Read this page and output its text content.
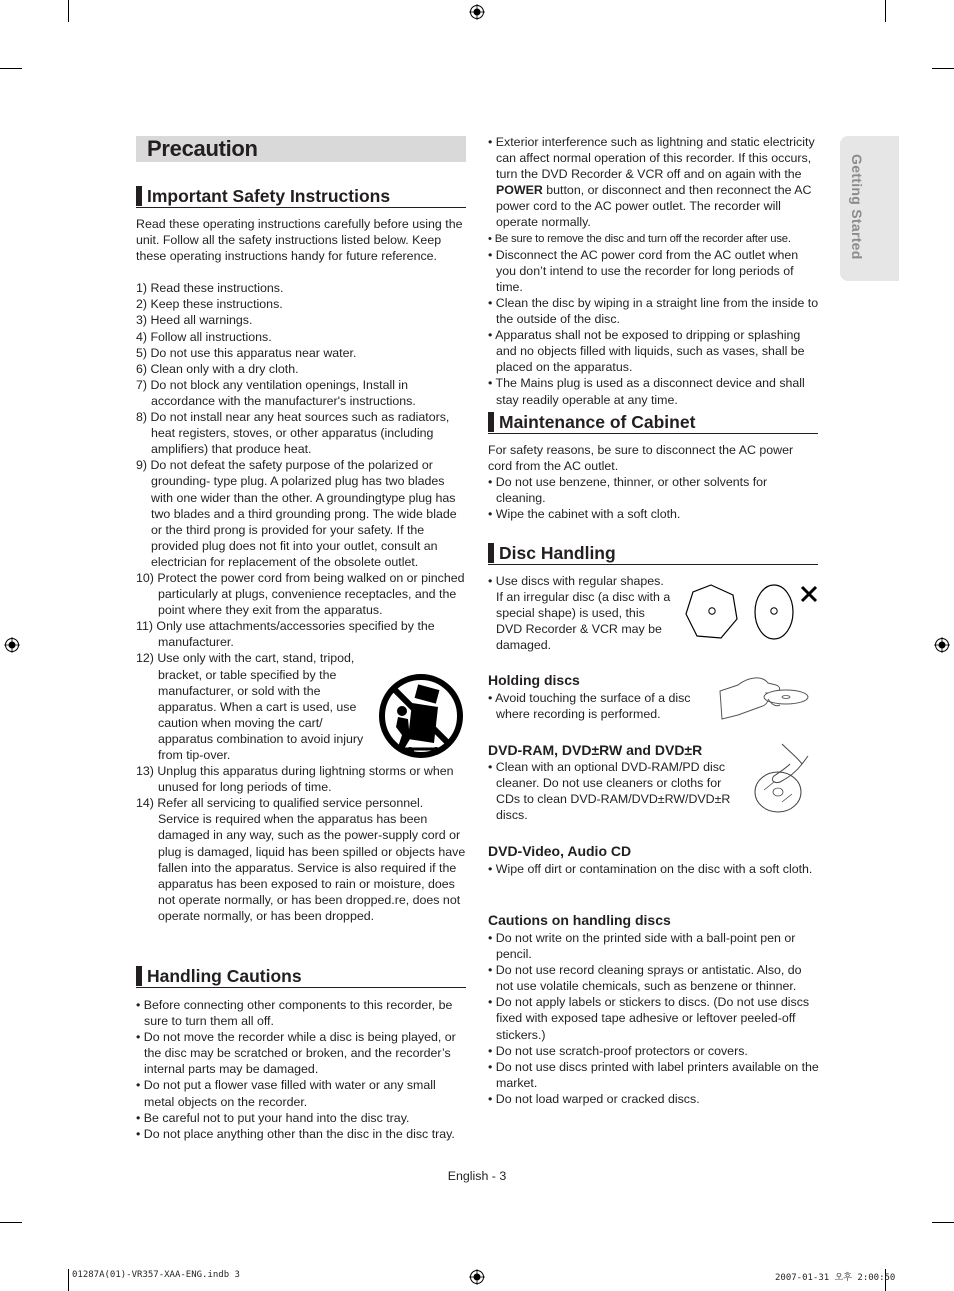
Precaution
Getting Started
Important Safety Instructions

Read these operating instructions carefully before using the unit. Follow all the safety instructions listed below. Keep these operating instructions handy for future reference.

1) Read these instructions.

2) Keep these instructions.

3) Heed all warnings.

4) Follow all instructions.

5) Do not use this apparatus near water.

6) Clean only with a dry cloth.

7) Do not block any ventilation openings, Install in accordance with the manufacturer's instructions.

8) Do not install near any heat sources such as radiators, heat registers, stoves, or other apparatus (including amplifiers) that produce heat.

9) Do not defeat the safety purpose of the polarized or grounding- type plug. A polarized plug has two blades with one wider than the other. A groundingtype plug has two blades and a third grounding prong. The wide blade or the third prong is provided for your safety. If the provided plug does not fit into your outlet, consult an electrician for replacement of the obsolete outlet.

10) Protect the power cord from being walked on or pinched particularly at plugs, convenience receptacles, and the point where they exit from the apparatus.

11) Only use attachments/accessories specified by the manufacturer.

12) Use only with the cart, stand, tripod, bracket, or table specified by the manufacturer, or sold with the apparatus. When a cart is used, use caution when moving the cart/ apparatus combination to avoid injury from tip-over.

13) Unplug this apparatus during lightning storms or when unused for long periods of time.

14) Refer all servicing to qualified service personnel. Service is required when the apparatus has been damaged in any way, such as the power-supply cord or plug is damaged, liquid has been spilled or objects have fallen into the apparatus. Service is also required if the apparatus has been exposed to rain or moisture, does not operate normally, or has been dropped.re, does not operate normally, or has been dropped.

Handling Cautions

• Before connecting other components to this recorder, be sure to turn them all off.

• Do not move the recorder while a disc is being played, or the disc may be scratched or broken, and the recorder’s internal parts may be damaged.

• Do not put a flower vase filled with water or any small metal objects on the recorder.

• Be careful not to put your hand into the disc tray.

• Do not place anything other than the disc in the disc tray.

• Exterior interference such as lightning and static electricity can affect normal operation of this recorder. If this occurs, turn the DVD Recorder & VCR off and on again with the POWER button, or disconnect and then reconnect the AC power cord to the AC power outlet. The recorder will operate normally.

• Be sure to remove the disc and turn off the recorder after use.

• Disconnect the AC power cord from the AC outlet when you don’t intend to use the recorder for long periods of time.

• Clean the disc by wiping in a straight line from the inside to the outside of the disc.

• Apparatus shall not be exposed to dripping or splashing and no objects filled with liquids, such as vases, shall be placed on the apparatus.

• The Mains plug is used as a disconnect device and shall stay readily operable at any time.

Maintenance of Cabinet

For safety reasons, be sure to disconnect the AC power cord from the AC outlet.

• Do not use benzene, thinner, or other solvents for cleaning.

• Wipe the cabinet with a soft cloth.

Disc Handling

• Use discs with regular shapes. If an irregular disc (a disc with a special shape) is used, this DVD Recorder & VCR may be damaged.

Holding discs

• Avoid touching the surface of a disc where recording is performed.

DVD-RAM, DVD±RW and DVD±R

• Clean with an optional DVD-RAM/PD disc cleaner. Do not use cleaners or cloths for CDs to clean DVD-RAM/DVD±RW/DVD±R discs.

DVD-Video, Audio CD

• Wipe off dirt or contamination on the disc with a soft cloth.

Cautions on handling discs

• Do not write on the printed side with a ball-point pen or pencil.

• Do not use record cleaning sprays or antistatic. Also, do not use volatile chemicals, such as benzene or thinner.

• Do not apply labels or stickers to discs. (Do not use discs fixed with exposed tape adhesive or leftover peeled-off stickers.)

• Do not use scratch-proof protectors or covers.

• Do not use discs printed with label printers available on the market.

• Do not load warped or cracked discs.

English - 3
01287A(01)-VR357-XAA-ENG.indb 3	2007-01-31 오후 2:00:50
